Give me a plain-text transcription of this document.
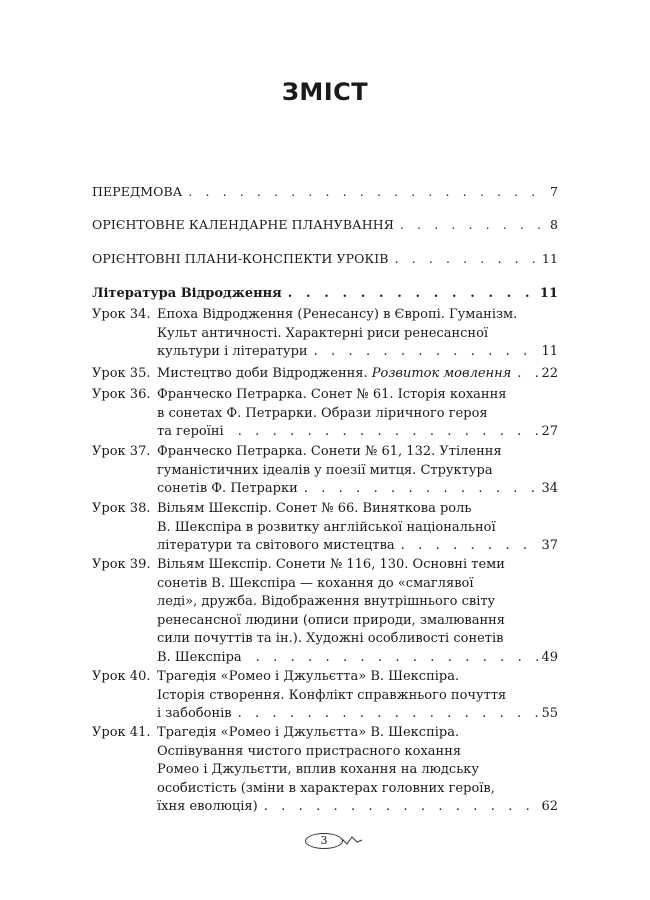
ЗМІСТ
ПЕРЕДМОВА . . .	7
ОРІЄНТОВНЕ КАЛЕНДАРНЕ ПЛАНУВАННЯ . . .	8
ОРІЄНТОВНІ ПЛАНИ-КОНСПЕКТИ УРОКІВ . . .	11
Література Відродження . . .	11
Урок 34. Епоха Відродження (Ренесансу) в Європі. Гуманізм.
Культ античності. Характерні риси ренесансної
культури і літератури . . .	11
Урок 35. Мистецтво доби Відродження.
Розвиток мовлення . . . 22
Урок 36. Франческо Петрарка. Сонет № 61. Історія кохання
в сонетах Ф. Петрарки. Образи ліричного героя
та героїні . . .	27
Урок 37. Франческо Петрарка. Сонети № 61, 132. Утілення
гуманістичних ідеалів у поезії митця. Структура
сонетів Ф. Петрарки . . .	34
Урок 38. Вільям Шекспір. Сонет № 66. Виняткова роль
В. Шекспіра в розвитку англійської національної
літератури та світового мистецтва . . .	37
Урок 39. Вільям Шекспір. Сонети № 116, 130. Основні теми
сонетів В. Шекспіра — кохання до «смаглявої
леді», дружба. Відображення внутрішнього світу
ренесансної людини (описи природи, змалювання
сили почуттів та ін.). Художні особливості сонетів
В. Шекспіра . . .	49
Урок 40. Трагедія «Ромео і Джульєтта» В. Шекспіра.
Історія створення. Конфлікт справжнього почуття
і забобонів . . .	55
Урок 41. Трагедія «Ромео і Джульєтта» В. Шекспіра.
Оспівування чистого пристрасного кохання
Ромео і Джульєтти, вплив кохання на людську
особистість (зміни в характерах головних героїв,
їхня еволюція) . . .	62
3
